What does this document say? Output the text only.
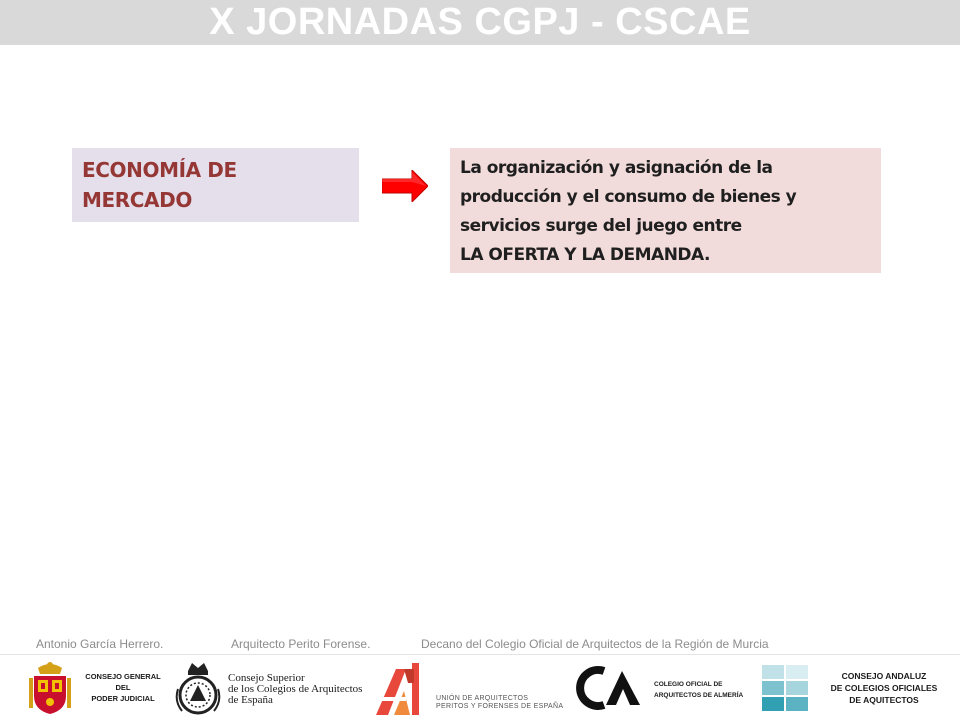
X JORNADAS CGPJ - CSCAE
ECONOMÍA DE
MERCADO
La organización y asignación de la
producción y el consumo de bienes y
servicios surge del juego entre
LA OFERTA Y LA DEMANDA.
Antonio García Herrero.	Arquitecto Perito Forense.	Decano del Colegio Oficial de Arquitectos de la Región de Murcia
CONSEJO GENERAL
DEL
PODER JUDICIAL
Consejo Superior
de los Colegios de Arquitectos
de España	UNIÓN DE ARQUITECTOS
PERITOS Y FORENSES DE ESPAÑA
COLEGIO OFICIAL DE
ARQUITECTOS DE ALMERÍA
CONSEJO ANDALUZ
DE COLEGIOS OFICIALES
DE AQUITECTOS
